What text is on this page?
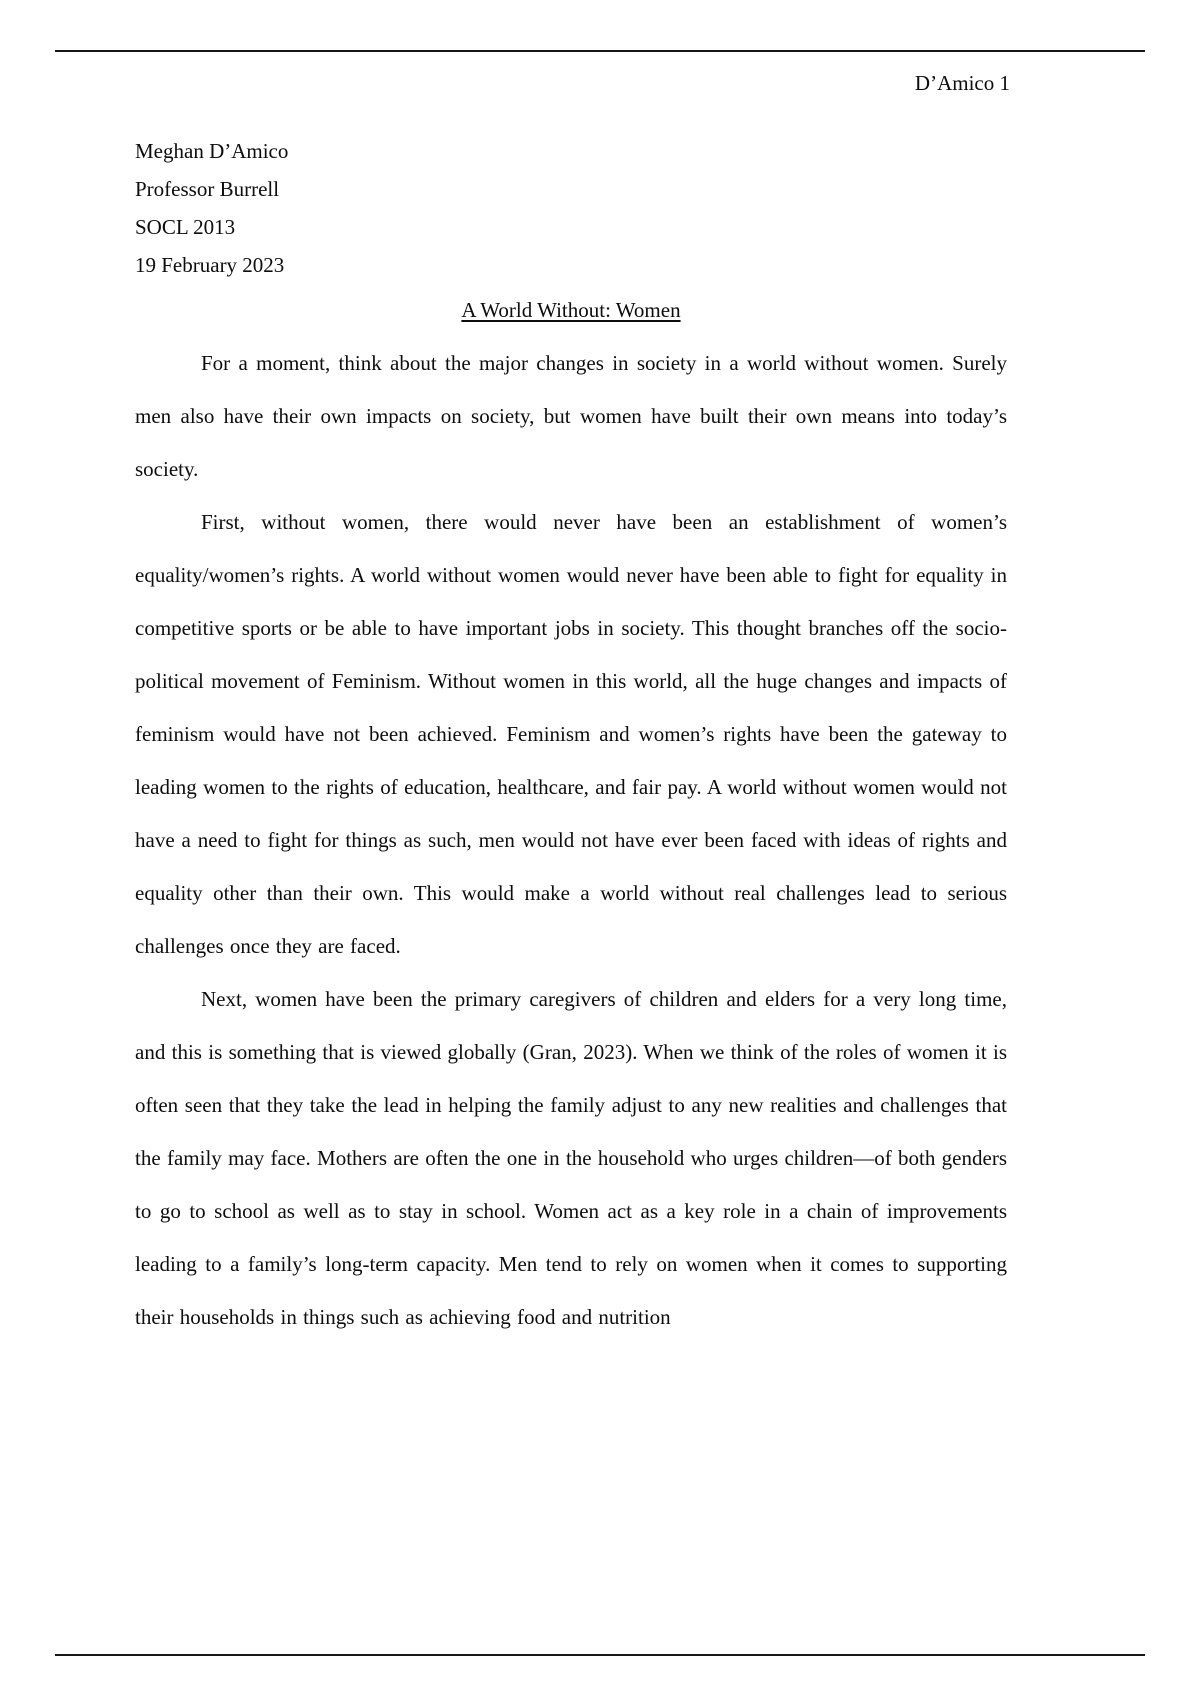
D’Amico 1
Meghan D’Amico
Professor Burrell
SOCL 2013
19 February 2023
A World Without: Women

For a moment, think about the major changes in society in a world without women. Surely men also have their own impacts on society, but women have built their own means into today’s society.

First, without women, there would never have been an establishment of women’s equality/women’s rights. A world without women would never have been able to fight for equality in competitive sports or be able to have important jobs in society. This thought branches off the socio-political movement of Feminism. Without women in this world, all the huge changes and impacts of feminism would have not been achieved. Feminism and women’s rights have been the gateway to leading women to the rights of education, healthcare, and fair pay. A world without women would not have a need to fight for things as such, men would not have ever been faced with ideas of rights and equality other than their own. This would make a world without real challenges lead to serious challenges once they are faced.

Next, women have been the primary caregivers of children and elders for a very long time, and this is something that is viewed globally (Gran, 2023). When we think of the roles of women it is often seen that they take the lead in helping the family adjust to any new realities and challenges that the family may face. Mothers are often the one in the household who urges children—of both genders to go to school as well as to stay in school. Women act as a key role in a chain of improvements leading to a family’s long-term capacity. Men tend to rely on women when it comes to supporting their households in things such as achieving food and nutrition
